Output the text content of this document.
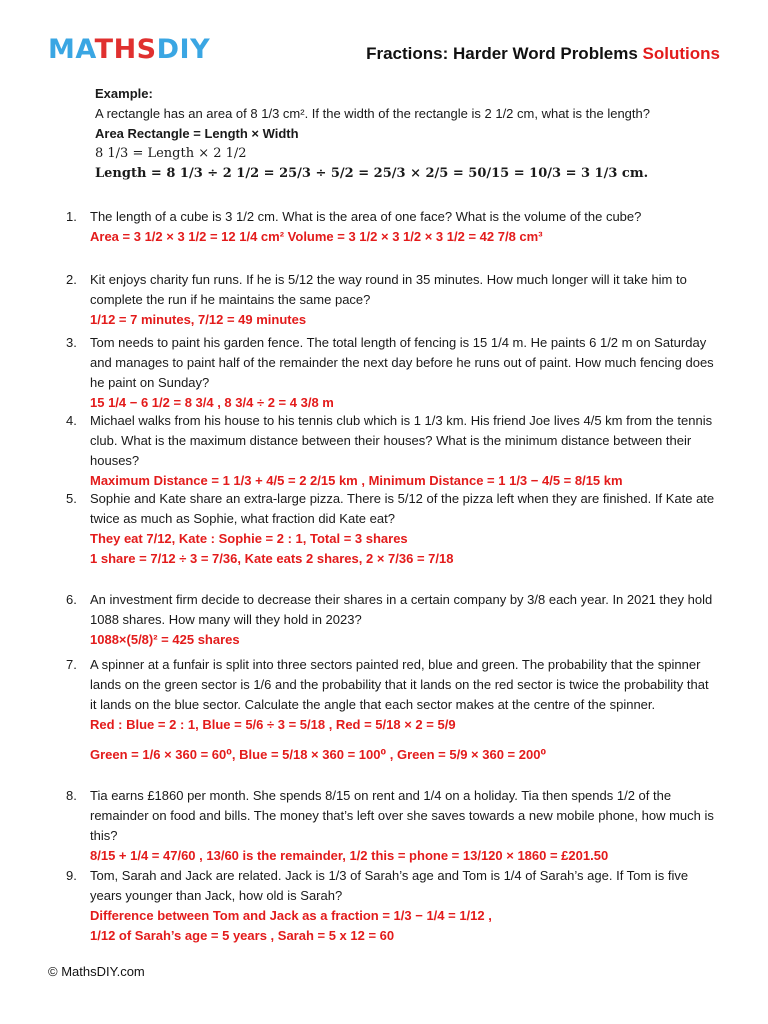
MATHSDIY	Fractions: Harder Word Problems Solutions
Example:
A rectangle has an area of 8 1/3 cm². If the width of the rectangle is 2 1/2 cm, what is the length?
Area Rectangle = Length × Width
8 1/3 = Length × 2 1/2
Length = 8 1/3 ÷ 2 1/2 = 25/3 ÷ 5/2 = 25/3 × 2/5 = 50/15 = 10/3 = 3 1/3 cm.
1. The length of a cube is 3 1/2 cm. What is the area of one face? What is the volume of the cube?
Area = 3 1/2 × 3 1/2 = 12 1/4 cm² Volume = 3 1/2 × 3 1/2 × 3 1/2 = 42 7/8 cm³
2. Kit enjoys charity fun runs. If he is 5/12 the way round in 35 minutes. How much longer will it take him to complete the run if he maintains the same pace?
1/12 = 7 minutes, 7/12 = 49 minutes
3. Tom needs to paint his garden fence. The total length of fencing is 15 1/4 m. He paints 6 1/2 m on Saturday and manages to paint half of the remainder the next day before he runs out of paint. How much fencing does he paint on Sunday?
15 1/4 − 6 1/2 = 8 3/4 , 8 3/4 ÷ 2 = 4 3/8 m
4. Michael walks from his house to his tennis club which is 1 1/3 km. His friend Joe lives 4/5 km from the tennis club. What is the maximum distance between their houses? What is the minimum distance between their houses?
Maximum Distance = 1 1/3 + 4/5 = 2 2/15 km , Minimum Distance = 1 1/3 − 4/5 = 8/15 km
5. Sophie and Kate share an extra-large pizza. There is 5/12 of the pizza left when they are finished. If Kate ate twice as much as Sophie, what fraction did Kate eat?
They eat 7/12, Kate : Sophie = 2 : 1, Total = 3 shares
1 share = 7/12 ÷ 3 = 7/36, Kate eats 2 shares, 2 × 7/36 = 7/18
6. An investment firm decide to decrease their shares in a certain company by 3/8 each year. In 2021 they hold 1088 shares. How many will they hold in 2023?
1088×(5/8)² = 425 shares
7. A spinner at a funfair is split into three sectors painted red, blue and green. The probability that the spinner lands on the green sector is 1/6 and the probability that it lands on the red sector is twice the probability that it lands on the blue sector. Calculate the angle that each sector makes at the centre of the spinner.
Red : Blue = 2 : 1, Blue = 5/6 ÷ 3 = 5/18 , Red = 5/18 × 2 = 5/9
Green = 1/6 × 360 = 60⁰, Blue = 5/18 × 360 = 100⁰ , Green = 5/9 × 360 = 200⁰
8. Tia earns £1860 per month. She spends 8/15 on rent and 1/4 on a holiday. Tia then spends 1/2 of the remainder on food and bills. The money that’s left over she saves towards a new mobile phone, how much is this?
8/15 + 1/4 = 47/60 , 13/60 is the remainder, 1/2 this = phone = 13/120 × 1860 = £201.50
9. Tom, Sarah and Jack are related. Jack is 1/3 of Sarah’s age and Tom is 1/4 of Sarah’s age. If Tom is five years younger than Jack, how old is Sarah?
Difference between Tom and Jack as a fraction = 1/3 − 1/4 = 1/12 ,
1/12 of Sarah’s age = 5 years , Sarah = 5 x 12 = 60
© MathsDIY.com
